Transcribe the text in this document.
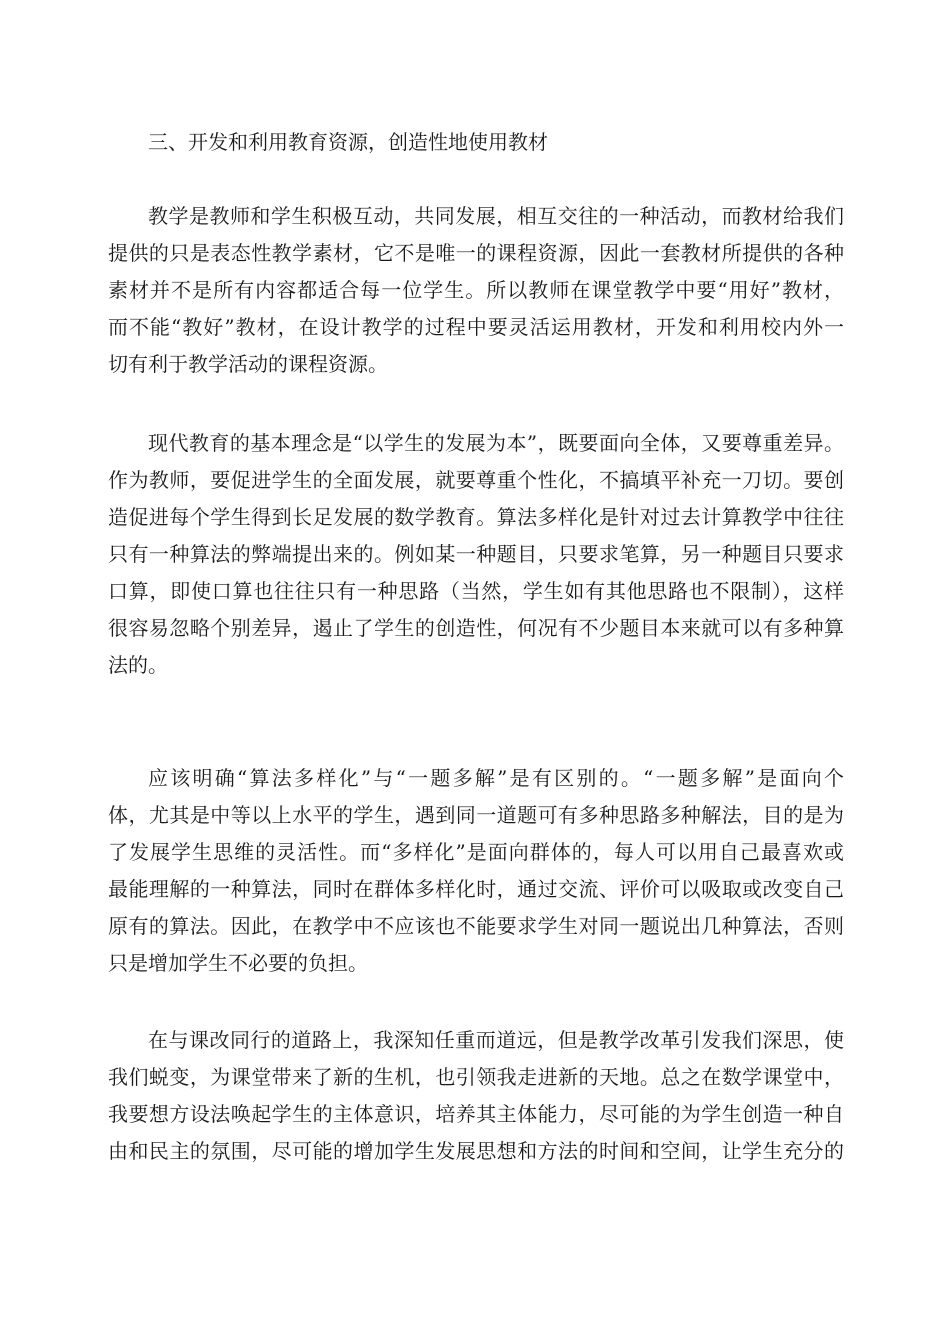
三、开发和利用教育资源，创造性地使用教材
教学是教师和学生积极互动，共同发展，相互交往的一种活动，而教材给我们
提供的只是表态性教学素材，它不是唯一的课程资源，因此一套教材所提供的各种
素材并不是所有内容都适合每一位学生。所以教师在课堂教学中要“用好”教材，
而不能“教好”教材，在设计教学的过程中要灵活运用教材，开发和利用校内外一
切有利于教学活动的课程资源。
现代教育的基本理念是“以学生的发展为本”，既要面向全体，又要尊重差异。
作为教师，要促进学生的全面发展，就要尊重个性化，不搞填平补充一刀切。要创
造促进每个学生得到长足发展的数学教育。算法多样化是针对过去计算教学中往往
只有一种算法的弊端提出来的。例如某一种题目，只要求笔算，另一种题目只要求
口算，即使口算也往往只有一种思路（当然，学生如有其他思路也不限制），这样
很容易忽略个别差异，遏止了学生的创造性，何况有不少题目本来就可以有多种算
法的。
应该明确“算法多样化”与“一题多解”是有区别的。“一题多解”是面向个
体，尤其是中等以上水平的学生，遇到同一道题可有多种思路多种解法，目的是为
了发展学生思维的灵活性。而“多样化”是面向群体的，每人可以用自己最喜欢或
最能理解的一种算法，同时在群体多样化时，通过交流、评价可以吸取或改变自己
原有的算法。因此，在教学中不应该也不能要求学生对同一题说出几种算法，否则
只是增加学生不必要的负担。
在与课改同行的道路上，我深知任重而道远，但是教学改革引发我们深思，使
我们蜕变，为课堂带来了新的生机，也引领我走进新的天地。总之在数学课堂中，
我要想方设法唤起学生的主体意识，培养其主体能力，尽可能的为学生创造一种自
由和民主的氛围，尽可能的增加学生发展思想和方法的时间和空间，让学生充分的
